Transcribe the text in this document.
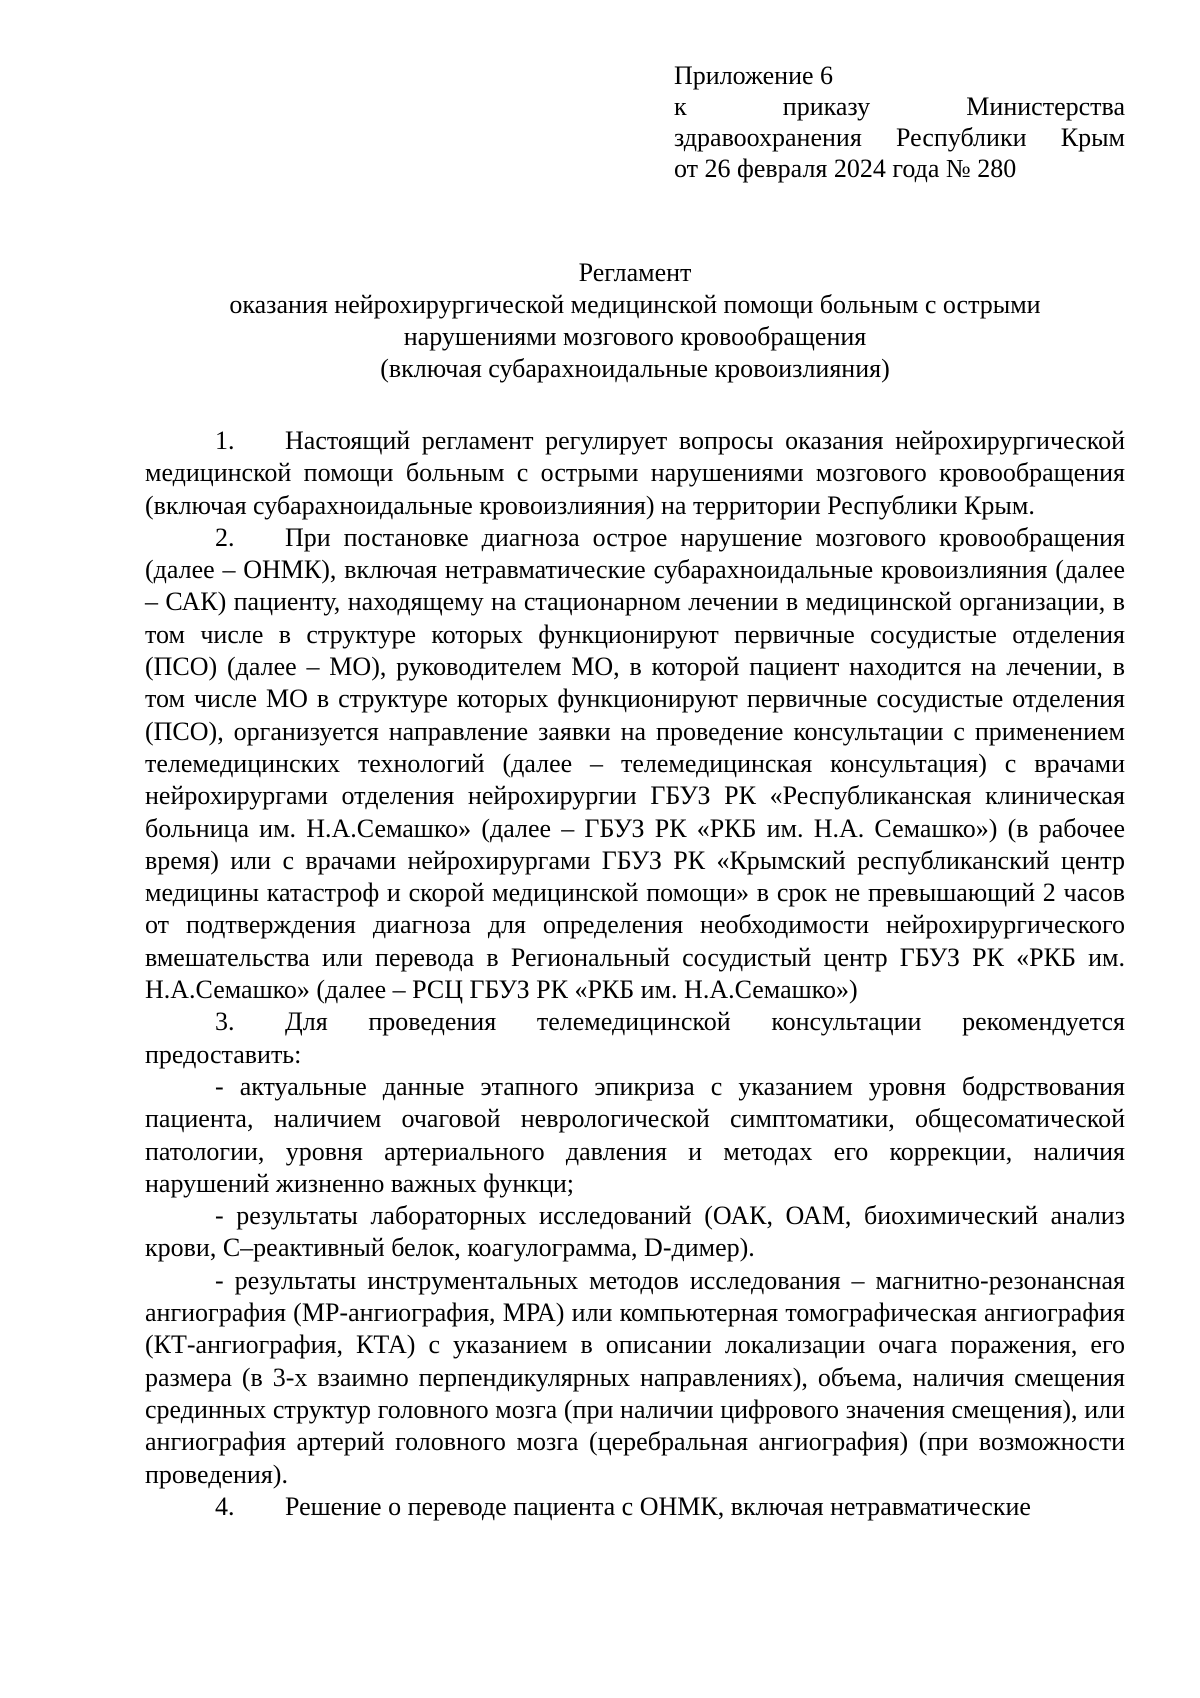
Приложение 6
к приказу Министерства
здравоохранения Республики Крым
от 26 февраля 2024 года № 280
Регламент
оказания нейрохирургической медицинской помощи больным с острыми
нарушениями мозгового кровообращения
(включая субарахноидальные кровоизлияния)

1. Настоящий регламент регулирует вопросы оказания нейрохирургической медицинской помощи больным с острыми нарушениями мозгового кровообращения (включая субарахноидальные кровоизлияния) на территории Республики Крым.

2. При постановке диагноза острое нарушение мозгового кровообращения (далее – ОНМК), включая нетравматические субарахноидальные кровоизлияния (далее – САК) пациенту, находящему на стационарном лечении в медицинской организации, в том числе в структуре которых функционируют первичные сосудистые отделения (ПСО) (далее – МО), руководителем МО, в которой пациент находится на лечении, в том числе МО в структуре которых функционируют первичные сосудистые отделения (ПСО), организуется направление заявки на проведение консультации с применением телемедицинских технологий (далее – телемедицинская консультация) с врачами нейрохирургами отделения нейрохирургии ГБУЗ РК «Республиканская клиническая больница им. Н.А.Семашко» (далее – ГБУЗ РК «РКБ им. Н.А. Семашко») (в рабочее время) или с врачами нейрохирургами ГБУЗ РК «Крымский республиканский центр медицины катастроф и скорой медицинской помощи» в срок не превышающий 2 часов от подтверждения диагноза для определения необходимости нейрохирургического вмешательства или перевода в Региональный сосудистый центр ГБУЗ РК «РКБ им. Н.А.Семашко» (далее – РСЦ ГБУЗ РК «РКБ им. Н.А.Семашко»)

3. Для проведения телемедицинской консультации рекомендуется предоставить:

- актуальные данные этапного эпикриза с указанием уровня бодрствования пациента, наличием очаговой неврологической симптоматики, общесоматической патологии, уровня артериального давления и методах его коррекции, наличия нарушений жизненно важных функци;

- результаты лабораторных исследований (ОАК, ОАМ, биохимический анализ крови, С–реактивный белок, коагулограмма, D-димер).

- результаты инструментальных методов исследования – магнитно-резонансная ангиография (МР-ангиография, МРА) или компьютерная томографическая ангиография (КТ-ангиография, КТА) с указанием в описании локализации очага поражения, его размера (в 3-х взаимно перпендикулярных направлениях), объема, наличия смещения срединных структур головного мозга (при наличии цифрового значения смещения), или ангиография артерий головного мозга (церебральная ангиография) (при возможности проведения).

4. Решение о переводе пациента с ОНМК, включая нетравматические
